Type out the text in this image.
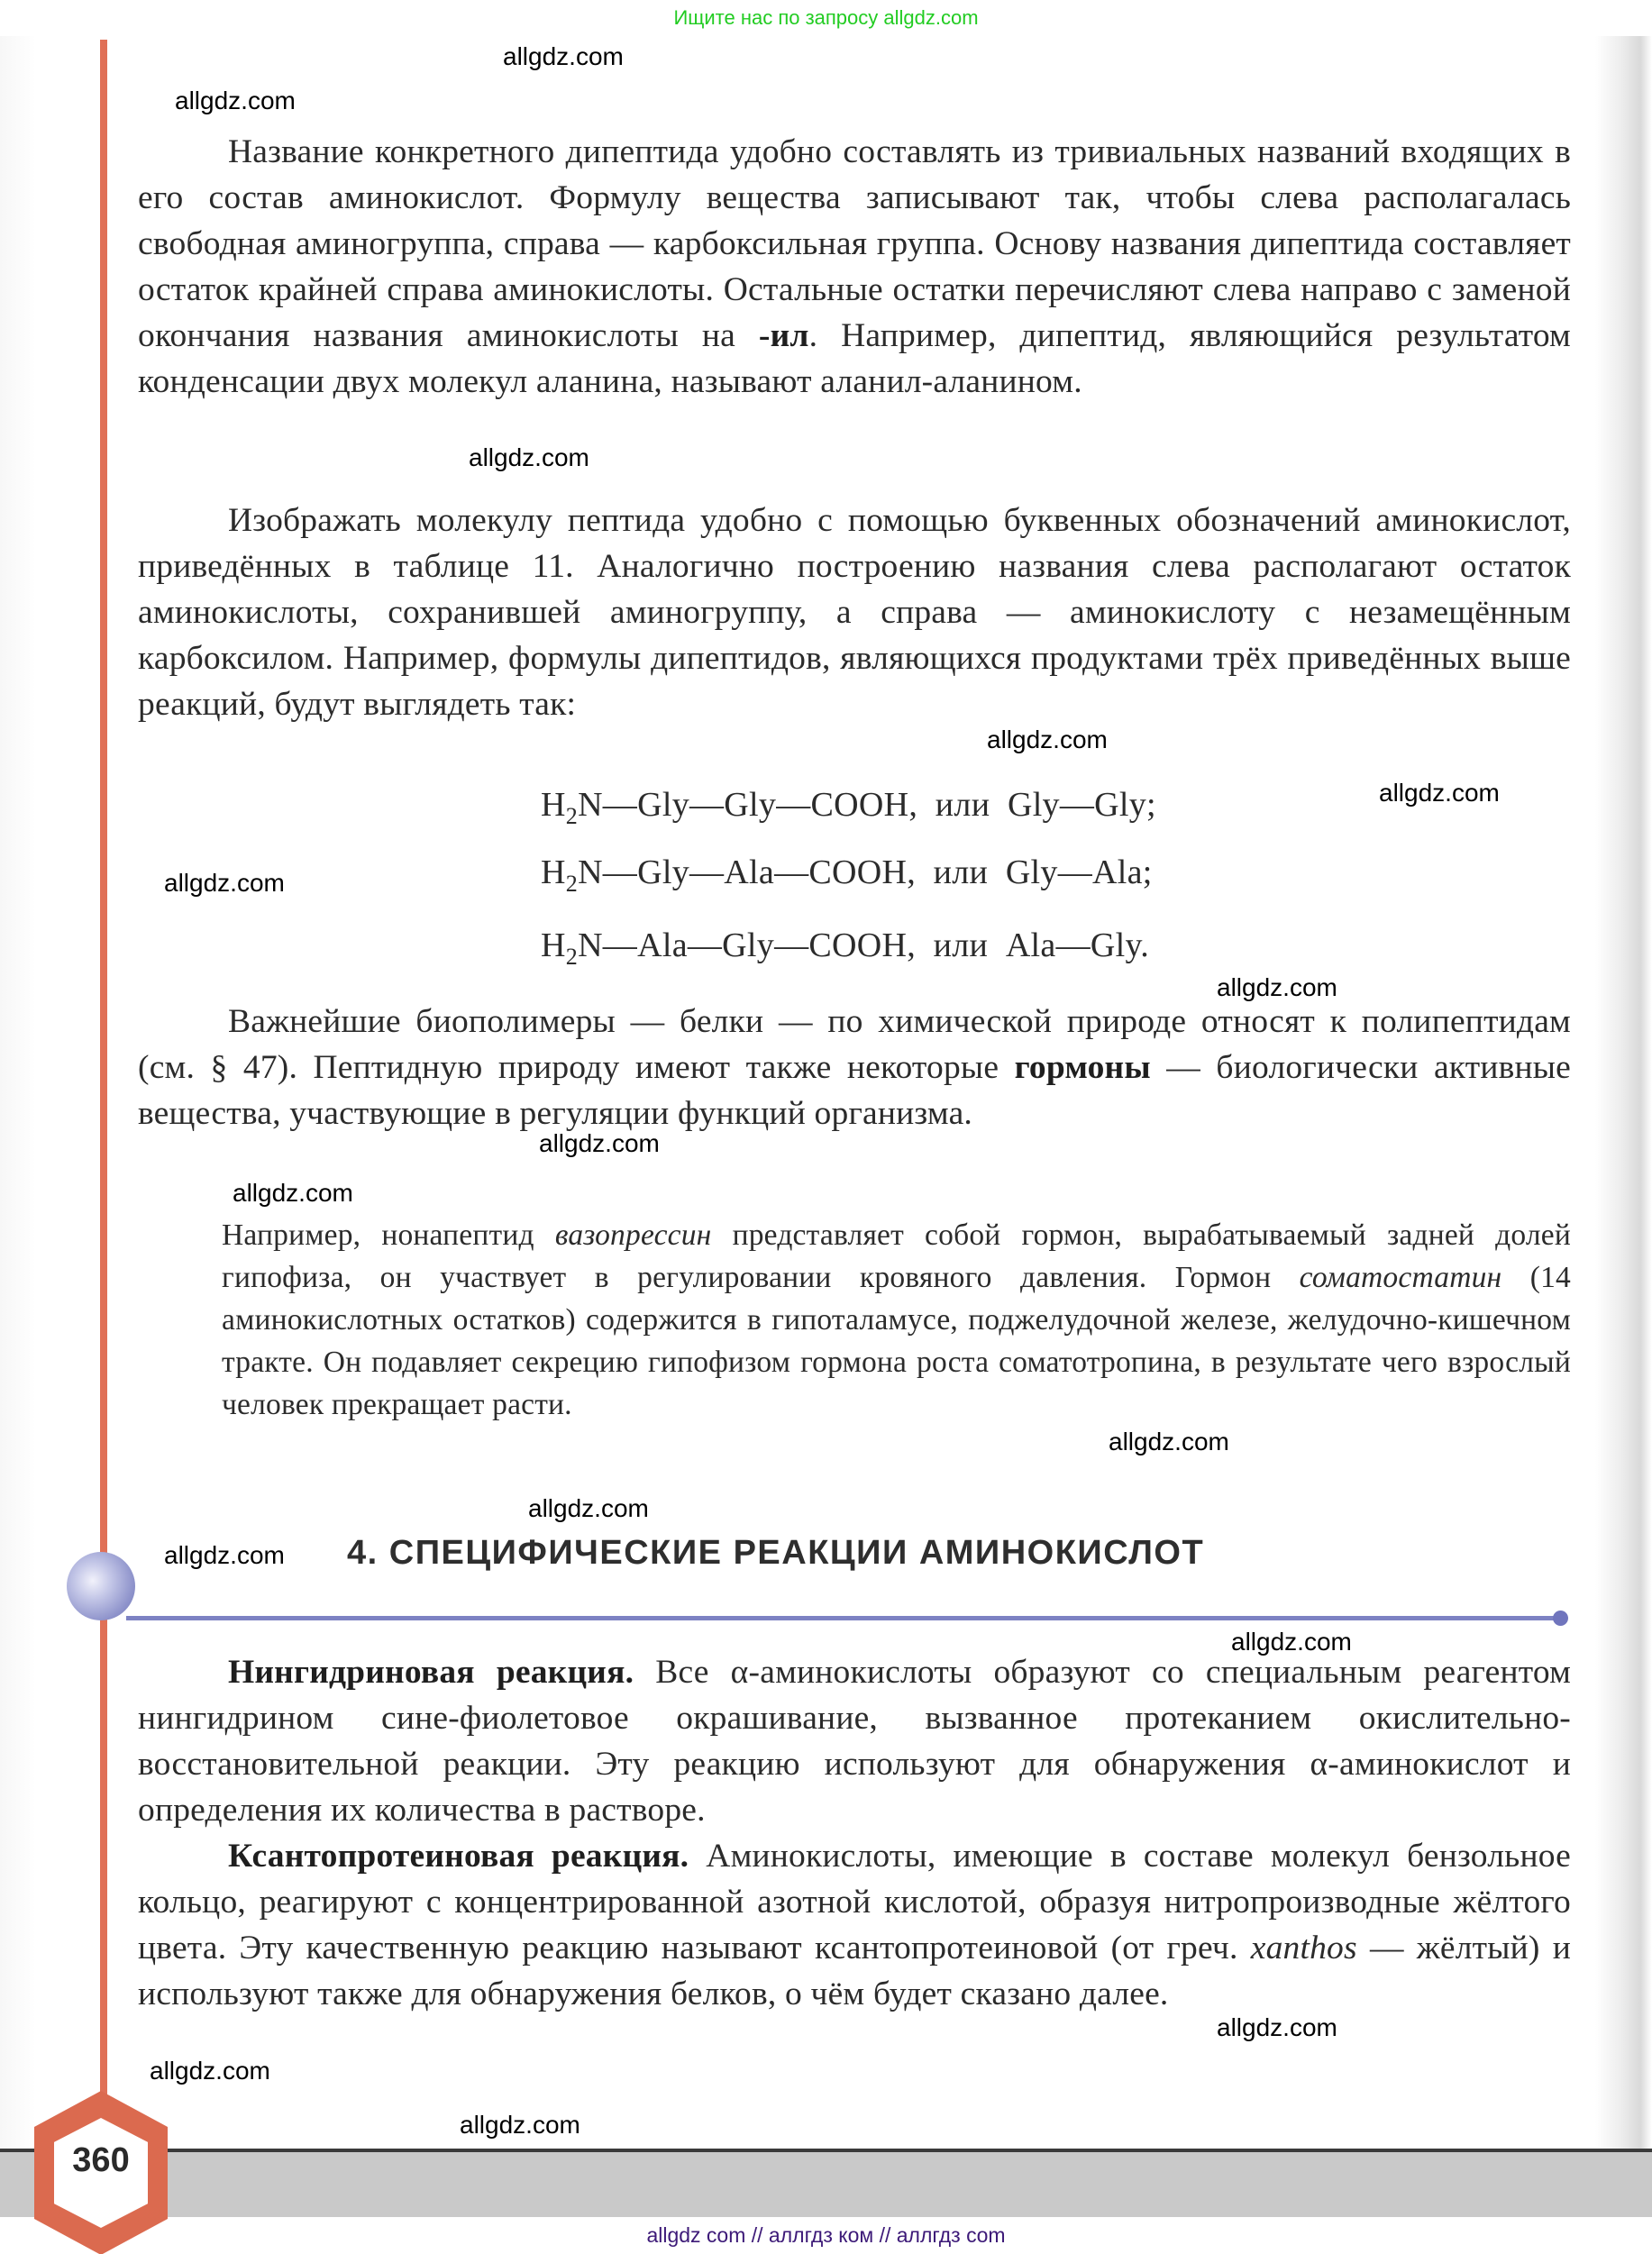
Ищите нас по запросу allgdz.com

Название конкретного дипептида удобно составлять из тривиальных названий входящих в его состав аминокислот. Формулу вещества записывают так, чтобы слева располагалась свободная аминогруппа, справа — карбоксильная группа. Основу названия дипептида составляет остаток крайней справа аминокислоты. Остальные остатки перечисляют слева направо с заменой окончания названия аминокислоты на -ил. Например, дипептид, являющийся результатом конденсации двух молекул аланина, называют аланил-аланином.

Изображать молекулу пептида удобно с помощью буквенных обозначений аминокислот, приведённых в таблице 11. Аналогично построению названия слева располагают остаток аминокислоты, сохранившей аминогруппу, а справа — аминокислоту с незамещённым карбоксилом. Например, формулы дипептидов, являющихся продуктами трёх приведённых выше реакций, будут выглядеть так:

$H_2N—Gly—Gly—COOH$, или Gly—Gly;
$H_2N—Gly—Ala—COOH$, или Gly—Ala;
$H_2N—Ala—Gly—COOH$, или Ala—Gly.

Важнейшие биополимеры — белки — по химической природе относят к полипептидам (см. § 47). Пептидную природу имеют также некоторые гормоны — биологически активные вещества, участвующие в регуляции функций организма.

Например, нонапептид вазопрессин представляет собой гормон, вырабатываемый задней долей гипофиза, он участвует в регулировании кровяного давления. Гормон соматостатин (14 аминокислотных остатков) содержится в гипоталамусе, поджелудочной железе, желудочно-кишечном тракте. Он подавляет секрецию гипофизом гормона роста соматотропина, в результате чего взрослый человек прекращает расти.

4. СПЕЦИФИЧЕСКИЕ РЕАКЦИИ АМИНОКИСЛОТ

Нингидриновая реакция. Все α-аминокислоты образуют со специальным реагентом нингидрином сине-фиолетовое окрашивание, вызванное протеканием окислительно-восстановительной реакции. Эту реакцию используют для обнаружения α-аминокислот и определения их количества в растворе.

Ксантопротеиновая реакция. Аминокислоты, имеющие в составе молекул бензольное кольцо, реагируют с концентрированной азотной кислотой, образуя нитропроизводные жёлтого цвета. Эту качественную реакцию называют ксантопротеиновой (от греч. xanthos — жёлтый) и используют также для обнаружения белков, о чём будет сказано далее.

360
allgdz.com
allgdz.com
allgdz.com
allgdz.com
allgdz.com
allgdz.com
allgdz.com
allgdz.com
allgdz.com
allgdz.com
allgdz.com
allgdz.com
allgdz.com
allgdz.com
allgdz.com
allgdz.com
allgdz com // аллгдз ком // аллгдз com
